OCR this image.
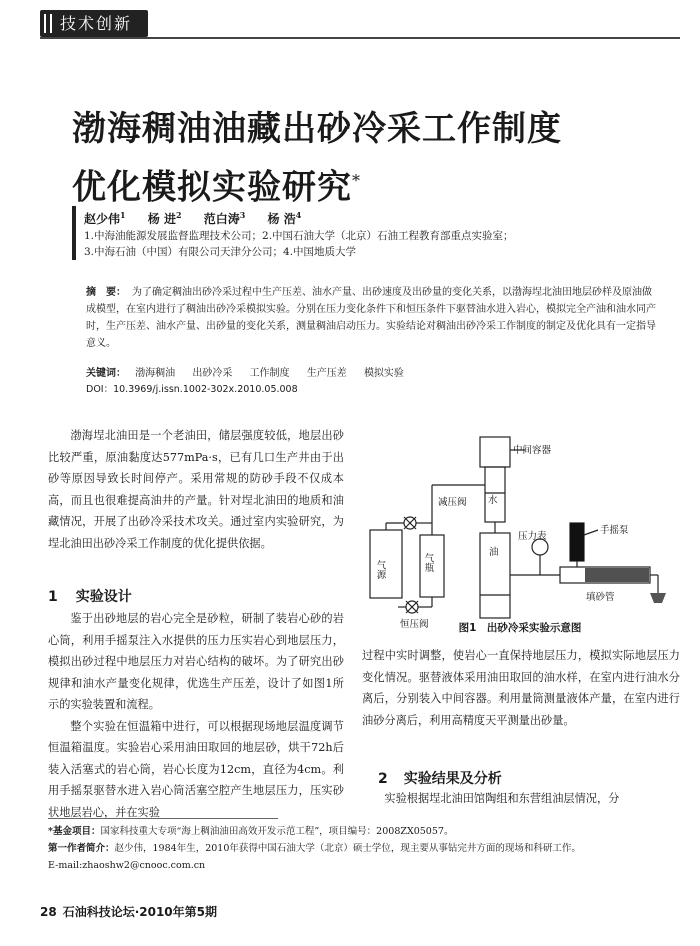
技术创新
渤海稠油油藏出砂冷采工作制度
优化模拟实验研究*
赵少伟$^1$ 杨 进$^2$ 范白涛$^3$ 杨 浩$^4$
1.中海油能源发展监督监理技术公司；2.中国石油大学（北京）石油工程教育部重点实验室；
3.中海石油（中国）有限公司天津分公司；4.中国地质大学
摘　要： 为了确定稠油出砂冷采过程中生产压差、油水产量、出砂速度及出砂量的变化关系，以渤海埕北油田地层砂样及原油做成模型，在室内进行了稠油出砂冷采模拟实验。分别在压力变化条件下和恒压条件下驱替油水进入岩心，模拟完全产油和油水同产时，生产压差、油水产量、出砂量的变化关系，测量稠油启动压力。实验结论对稠油出砂冷采工作制度的制定及优化具有一定指导意义。
关键词： 渤海稠油 出砂冷采 工作制度 生产压差 模拟实验
DOI：10.3969/j.issn.1002-302x.2010.05.008

渤海埕北油田是一个老油田，储层强度较低，地层出砂比较严重，原油黏度达577mPa·s，已有几口生产井由于出砂等原因导致长时间停产。采用常规的防砂手段不仅成本高，而且也很难提高油井的产量。针对埕北油田的地质和油藏情况，开展了出砂冷采技术攻关。通过室内实验研究，为埕北油田出砂冷采工作制度的优化提供依据。

1 实验设计

鉴于出砂地层的岩心完全是砂粒，研制了装岩心砂的岩心筒，利用手摇泵注入水提供的压力压实岩心到地层压力，模拟出砂过程中地层压力对岩心结构的破坏。为了研究出砂规律和油水产量变化规律，优选生产压差，设计了如图1所示的实验装置和流程。

整个实验在恒温箱中进行，可以根据现场地层温度调节恒温箱温度。实验岩心采用油田取回的地层砂，烘干72h后装入活塞式的岩心筒，岩心长度为12cm，直径为4cm。利用手摇泵驱替水进入岩心筒活塞空腔产生地层压力，压实砂状地层岩心，并在实验

中间容器
水
减压阀
压力表
手摇泵
气源	气瓶
油
填砂管
恒压阀	图1　出砂冷采实验示意图

过程中实时调整，使岩心一直保持地层压力，模拟实际地层压力变化情况。驱替液体采用油田取回的油水样，在室内进行油水分离后，分别装入中间容器。利用量筒测量液体产量，在室内进行油砂分离后，利用高精度天平测量出砂量。

2 实验结果及分析

实验根据埕北油田馆陶组和东营组油层情况，分

*基金项目：国家科技重大专项“海上稠油油田高效开发示范工程”，项目编号：2008ZX05057。
第一作者简介：赵少伟，1984年生，2010年获得中国石油大学（北京）硕士学位，现主要从事钻完井方面的现场和科研工作。
E-mail:zhaoshw2@cnooc.com.cn
28 石油科技论坛·2010年第5期
